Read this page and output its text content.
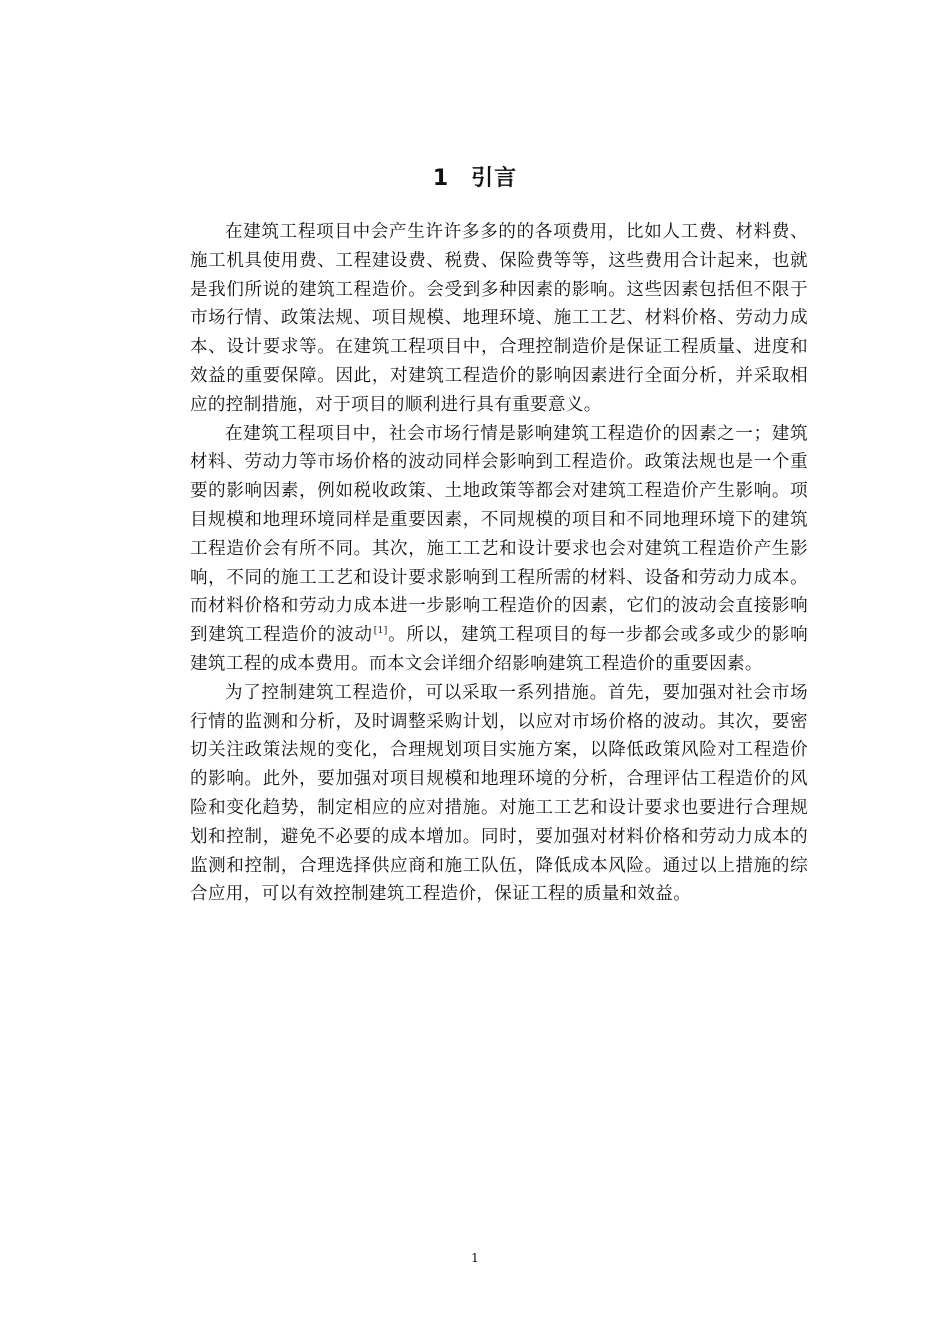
1 引言

在建筑工程项目中会产生许许多多的的各项费用，比如人工费、材料费、施工机具使用费、工程建设费、税费、保险费等等，这些费用合计起来，也就是我们所说的建筑工程造价。会受到多种因素的影响。这些因素包括但不限于市场行情、政策法规、项目规模、地理环境、施工工艺、材料价格、劳动力成本、设计要求等。在建筑工程项目中，合理控制造价是保证工程质量、进度和效益的重要保障。因此，对建筑工程造价的影响因素进行全面分析，并采取相应的控制措施，对于项目的顺利进行具有重要意义。

在建筑工程项目中，社会市场行情是影响建筑工程造价的因素之一；建筑材料、劳动力等市场价格的波动同样会影响到工程造价。政策法规也是一个重要的影响因素，例如税收政策、土地政策等都会对建筑工程造价产生影响。项目规模和地理环境同样是重要因素，不同规模的项目和不同地理环境下的建筑工程造价会有所不同。其次，施工工艺和设计要求也会对建筑工程造价产生影响，不同的施工工艺和设计要求影响到工程所需的材料、设备和劳动力成本。而材料价格和劳动力成本进一步影响工程造价的因素，它们的波动会直接影响到建筑工程造价的波动[1]。所以，建筑工程项目的每一步都会或多或少的影响建筑工程的成本费用。而本文会详细介绍影响建筑工程造价的重要因素。

为了控制建筑工程造价，可以采取一系列措施。首先，要加强对社会市场行情的监测和分析，及时调整采购计划，以应对市场价格的波动。其次，要密切关注政策法规的变化，合理规划项目实施方案，以降低政策风险对工程造价的影响。此外，要加强对项目规模和地理环境的分析，合理评估工程造价的风险和变化趋势，制定相应的应对措施。对施工工艺和设计要求也要进行合理规划和控制，避免不必要的成本增加。同时，要加强对材料价格和劳动力成本的监测和控制，合理选择供应商和施工队伍，降低成本风险。通过以上措施的综合应用，可以有效控制建筑工程造价，保证工程的质量和效益。

1
